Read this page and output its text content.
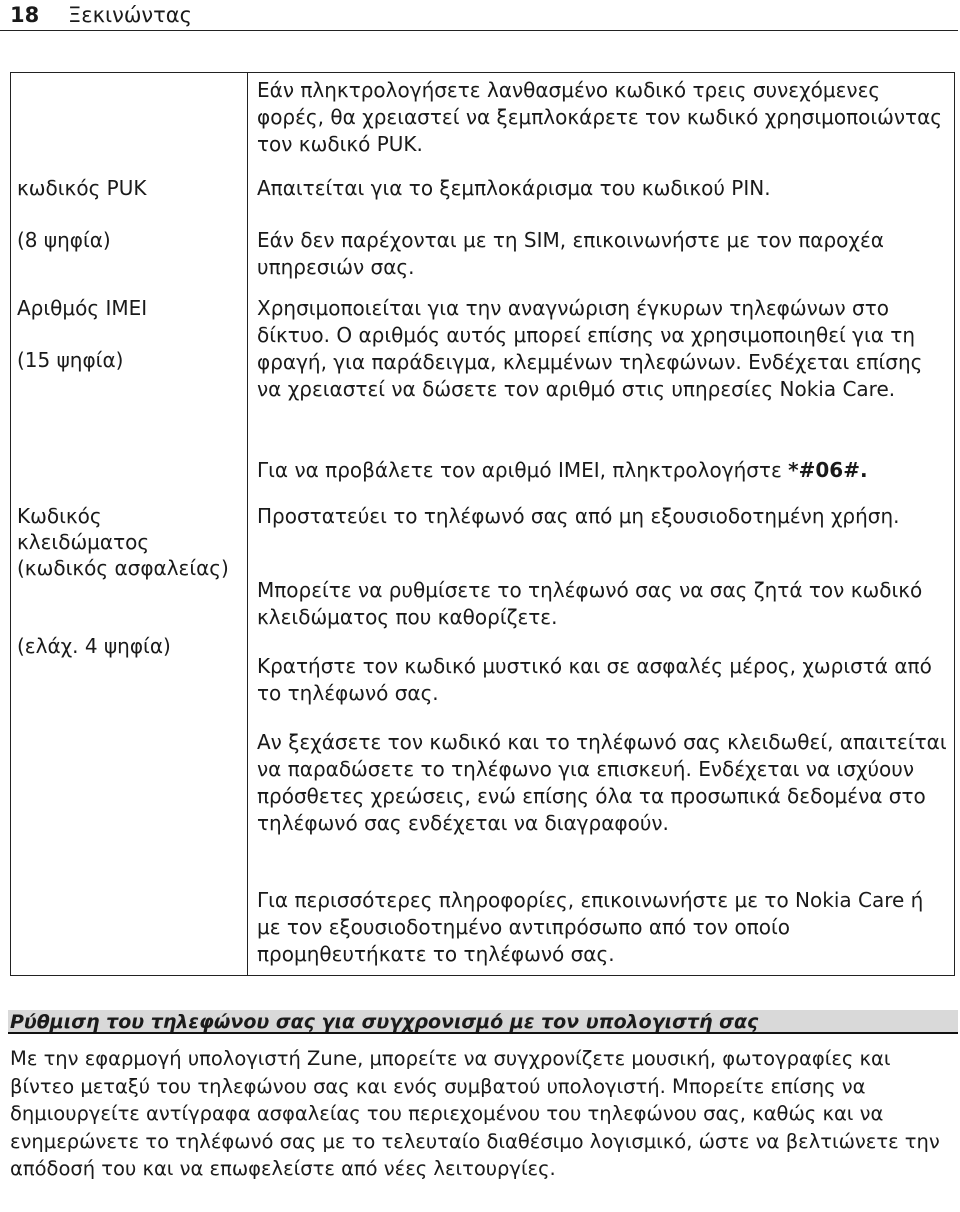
18 Ξεκινώντας
Εάν πληκτρολογήσετε λανθασμένο κωδικό τρεις συνεχόμενες φορές, θα χρειαστεί να ξεμπλοκάρετε τον κωδικό χρησιμοποιώντας τον κωδικό PUK.
κωδικός PUK
(8 ψηφία)
Απαιτείται για το ξεμπλοκάρισμα του κωδικού PIN.
Εάν δεν παρέχονται με τη SIM, επικοινωνήστε με τον παροχέα υπηρεσιών σας.
Αριθμός IMEI
(15 ψηφία)
Χρησιμοποιείται για την αναγνώριση έγκυρων τηλεφώνων στο δίκτυο. Ο αριθμός αυτός μπορεί επίσης να χρησιμοποιηθεί για τη φραγή, για παράδειγμα, κλεμμένων τηλεφώνων. Ενδέχεται επίσης να χρειαστεί να δώσετε τον αριθμό στις υπηρεσίες Nokia Care.
Για να προβάλετε τον αριθμό IMEI, πληκτρολογήστε *#06#.
Κωδικός κλειδώματος (κωδικός ασφαλείας)
(ελάχ. 4 ψηφία)
Προστατεύει το τηλέφωνό σας από μη εξουσιοδοτημένη χρήση.
Μπορείτε να ρυθμίσετε το τηλέφωνό σας να σας ζητά τον κωδικό κλειδώματος που καθορίζετε.
Κρατήστε τον κωδικό μυστικό και σε ασφαλές μέρος, χωριστά από το τηλέφωνό σας.
Αν ξεχάσετε τον κωδικό και το τηλέφωνό σας κλειδωθεί, απαιτείται να παραδώσετε το τηλέφωνο για επισκευή. Ενδέχεται να ισχύουν πρόσθετες χρεώσεις, ενώ επίσης όλα τα προσωπικά δεδομένα στο τηλέφωνό σας ενδέχεται να διαγραφούν.
Για περισσότερες πληροφορίες, επικοινωνήστε με το Nokia Care ή με τον εξουσιοδοτημένο αντιπρόσωπο από τον οποίο προμηθευτήκατε το τηλέφωνό σας.
Ρύθμιση του τηλεφώνου σας για συγχρονισμό με τον υπολογιστή σας
Με την εφαρμογή υπολογιστή Zune, μπορείτε να συγχρονίζετε μουσική, φωτογραφίες και βίντεο μεταξύ του τηλεφώνου σας και ενός συμβατού υπολογιστή. Μπορείτε επίσης να δημιουργείτε αντίγραφα ασφαλείας του περιεχομένου του τηλεφώνου σας, καθώς και να ενημερώνετε το τηλέφωνό σας με το τελευταίο διαθέσιμο λογισμικό, ώστε να βελτιώνετε την απόδοσή του και να επωφελείστε από νέες λειτουργίες.
